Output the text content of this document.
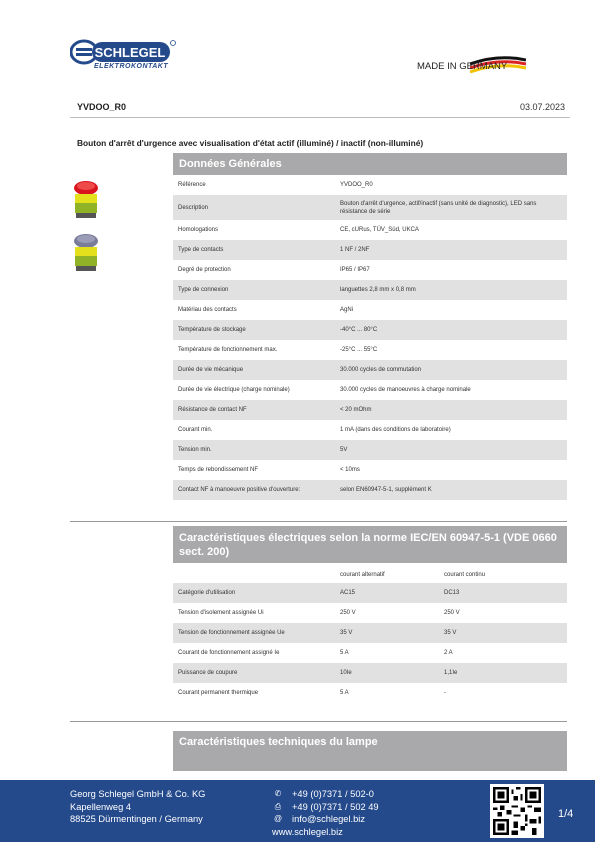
SCHLEGEL
ELEKTROKONTAKT	MADE IN GERMANY
YVDOO_R0	03.07.2023
Bouton d'arrêt d'urgence avec visualisation d'état actif (illuminé) / inactif (non-illuminé)
Données Générales
Référence	YVDOO_R0
Description	Bouton d'arrêt d'urgence, actif/inactif (sans unité de diagnostic), LED sans résistance de série
Homologations	CE, cURus, TÜV_Süd, UKCA
Type de contacts	1 NF / 2NF
Degré de protection	IP65 / IP67
Type de connexion	languettes 2,8 mm x 0,8 mm
Matériau des contacts	AgNi
Température de stockage	-40°C ... 80°C
Température de fonctionnement max.	-25°C ... 55°C
Durée de vie mécanique	30.000 cycles de commutation
Durée de vie électrique (charge nominale)	30.000 cycles de manoeuvres à charge nominale
Résistance de contact NF	< 20 mOhm
Courant min.	1 mA (dans des conditions de laboratoire)
Tension min.	5V
Temps de rebondissement NF	< 10ms
Contact NF à manoeuvre positive d'ouverture:	selon EN60947-5-1, supplément K
Caractéristiques électriques selon la norme IEC/EN 60947-5-1 (VDE 0660 sect. 200)
	courant alternatif	courant continu
Catégorie d'utilisation	AC15	DC13
Tension d'isolement assignée Ui	250 V	250 V
Tension de fonctionnement assignée Ue	35 V	35 V
Courant de fonctionnement assigné Ie	5 A	2 A
Puissance de coupure	10Ie	1,1Ie
Courant permanent thermique	5 A	-
Caractéristiques techniques du lampe
Georg Schlegel GmbH & Co. KG
Kapellenweg 4
88525 Dürmentingen / Germany
✆ +49 (0)7371 / 502-0
⎙	+49 (0)7371 / 502 49
@ info@schlegel.biz
www.schlegel.biz
1/4
